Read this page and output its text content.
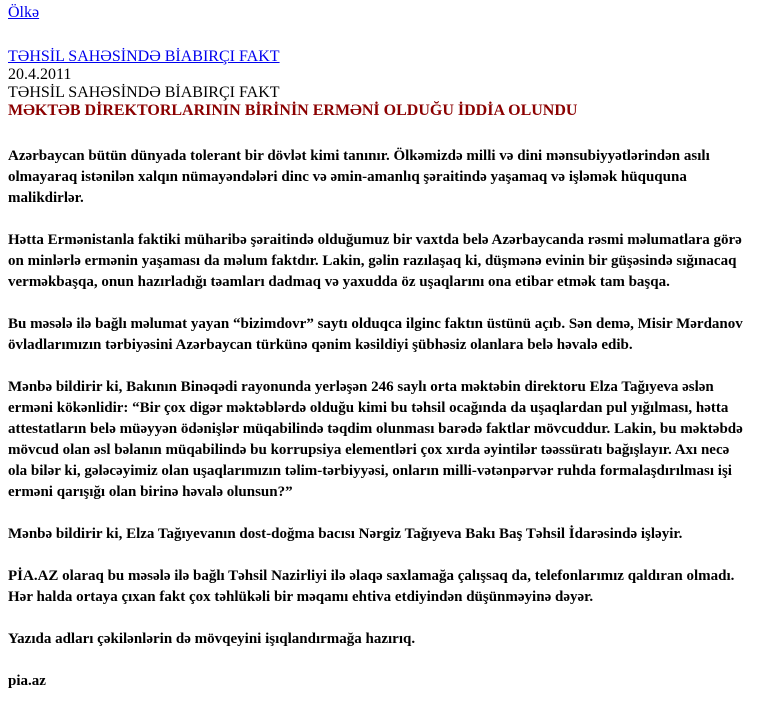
Ölkə
TƏHSİL SAHƏSİNDƏ BİABIRÇI FAKT
20.4.2011
TƏHSİL SAHƏSİNDƏ BİABIRÇI FAKT
MƏKTƏB DİREKTORLARININ BİRİNİN ERMƏNİ OLDUĞU İDDİA OLUNDU

Azərbaycan bütün dünyada tolerant bir dövlət kimi tanınır. Ölkəmizdə milli və dini mənsubiyyətlərindən asılı olmayaraq istənilən xalqın nümayəndələri dinc və əmin-amanlıq şəraitində yaşamaq və işləmək hüququna malikdirlər.

Hətta Ermənistanla faktiki müharibə şəraitində olduğumuz bir vaxtda belə Azərbaycanda rəsmi məlumatlara görə on minlərlə ermənin yaşaması da məlum faktdır. Lakin, gəlin razılaşaq ki, düşmənə evinin bir güşəsində sığınacaq verməkbaşqa, onun hazırladığı təamları dadmaq və yaxudda öz uşaqlarını ona etibar etmək tam başqa.

Bu məsələ ilə bağlı məlumat yayan “bizimdovr” saytı olduqca ilginc faktın üstünü açıb. Sən demə, Misir Mərdanov övladlarımızın tərbiyəsini Azərbaycan türkünə qənim kəsildiyi şübhəsiz olanlara belə həvalə edib.

Mənbə bildirir ki, Bakının Binəqədi rayonunda yerləşən 246 saylı orta məktəbin direktoru Elza Tağıyeva əslən erməni kökənlidir: “Bir çox digər məktəblərdə olduğu kimi bu təhsil ocağında da uşaqlardan pul yığılması, hətta attestatların belə müəyyən ödənişlər müqabilində təqdim olunması barədə faktlar mövcuddur. Lakin, bu məktəbdə mövcud olan əsl bəlanın müqabilində bu korrupsiya elementləri çox xırda əyintilər təəssüratı bağışlayır. Axı necə ola bilər ki, gələcəyimiz olan uşaqlarımızın təlim-tərbiyyəsi, onların milli-vətənpərvər ruhda formalaşdırılması işi erməni qarışığı olan birinə həvalə olunsun?”

Mənbə bildirir ki, Elza Tağıyevanın dost-doğma bacısı Nərgiz Tağıyeva Bakı Baş Təhsil İdarəsində işləyir.

PİA.AZ olaraq bu məsələ ilə bağlı Təhsil Nazirliyi ilə əlaqə saxlamağa çalışsaq da, telefonlarımız qaldıran olmadı. Hər halda ortaya çıxan fakt çox təhlükəli bir məqamı ehtiva etdiyindən düşünməyinə dəyər.

Yazıda adları çəkilənlərin də mövqeyini işıqlandırmağa hazırıq.

pia.az
